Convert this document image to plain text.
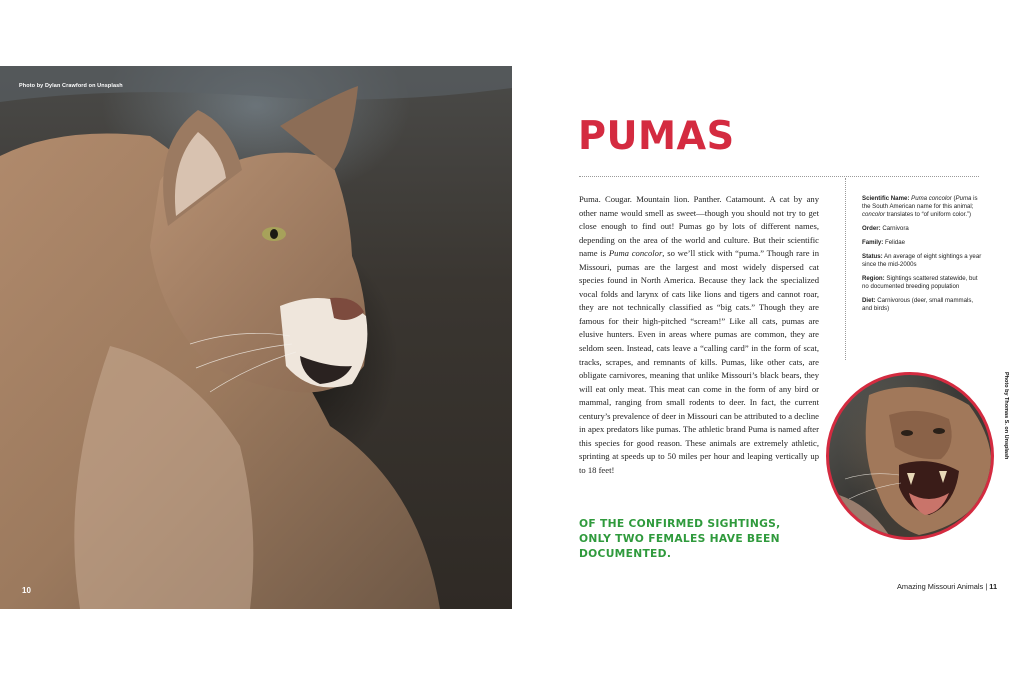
Photo by Dylan Crawford on Unsplash
10
PUMAS

Puma. Cougar. Mountain lion. Panther. Catamount. A cat by any other name would smell as sweet—though you should not try to get close enough to find out! Pumas go by lots of different names, depending on the area of the world and culture. But their scientific name is Puma concolor, so we’ll stick with “puma.” Though rare in Missouri, pumas are the largest and most widely dispersed cat species found in North America. Because they lack the specialized vocal folds and larynx of cats like lions and tigers and cannot roar, they are not technically classified as “big cats.” Though they are famous for their high-pitched “scream!” Like all cats, pumas are elusive hunters. Even in areas where pumas are common, they are seldom seen. Instead, cats leave a “calling card” in the form of scat, tracks, scrapes, and remnants of kills. Pumas, like other cats, are obligate carnivores, meaning that unlike Missouri’s black bears, they will eat only meat. This meat can come in the form of any bird or mammal, ranging from small rodents to deer. In fact, the current century’s prevalence of deer in Missouri can be attributed to a decline in apex predators like pumas. The athletic brand Puma is named after this species for good reason. These animals are extremely athletic, sprinting at speeds up to 50 miles per hour and leaping vertically up to 18 feet!

OF THE CONFIRMED SIGHTINGS, ONLY TWO FEMALES HAVE BEEN DOCUMENTED.

Scientific Name: Puma concolor (Puma is the South American name for this animal; concolor translates to “of uniform color.”)

Order: Carnivora

Family: Felidae

Status: An average of eight sightings a year since the mid-2000s

Region: Sightings scattered statewide, but no documented breeding population

Diet: Carnivorous (deer, small mammals, and birds)

Photo by Thomas S. on Unsplash
Amazing Missouri Animals | 11
